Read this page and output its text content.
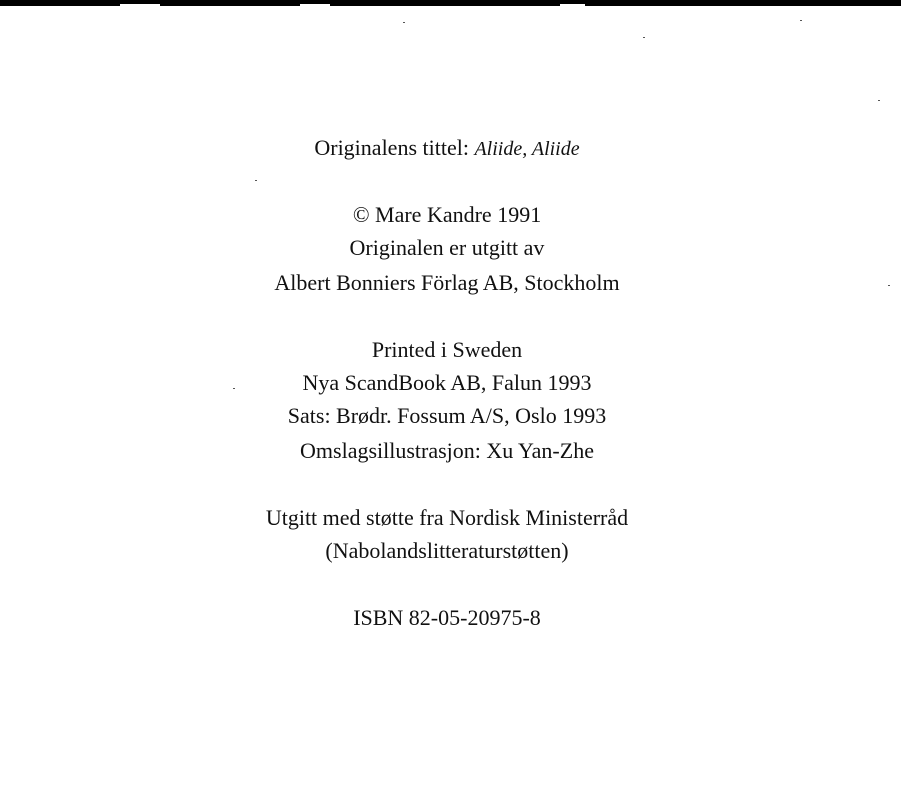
Originalens tittel: Aliide, Aliide
© Mare Kandre 1991
Originalen er utgitt av
Albert Bonniers Förlag AB, Stockholm
Printed i Sweden
Nya ScandBook AB, Falun 1993
Sats: Brødr. Fossum A/S, Oslo 1993
Omslagsillustrasjon: Xu Yan-Zhe
Utgitt med støtte fra Nordisk Ministerråd
(Nabolandslitteraturstøtten)
ISBN 82-05-20975-8
